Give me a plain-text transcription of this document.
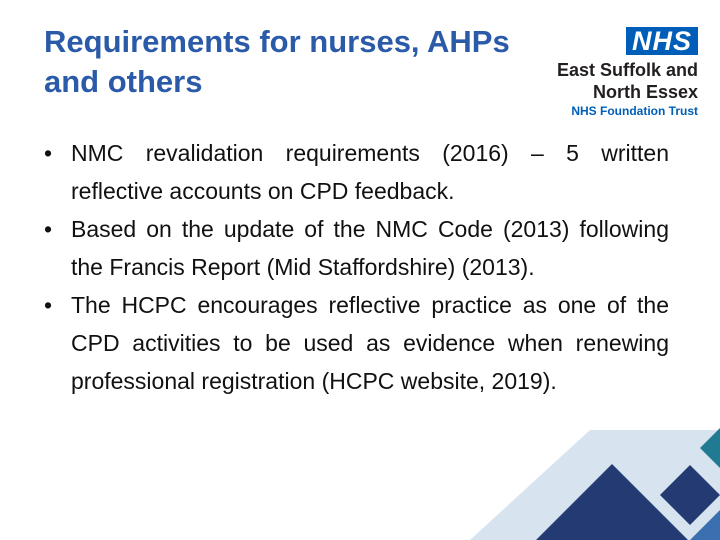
Requirements for nurses, AHPs
and others
NHS
East Suffolk and
North Essex
NHS Foundation Trust
• NMC revalidation requirements (2016) – 5 written reflective accounts on CPD feedback.
• Based on the update of the NMC Code (2013) following the Francis Report (Mid Staffordshire) (2013).
• The HCPC encourages reflective practice as one of the CPD activities to be used as evidence when renewing professional registration (HCPC website, 2019).
